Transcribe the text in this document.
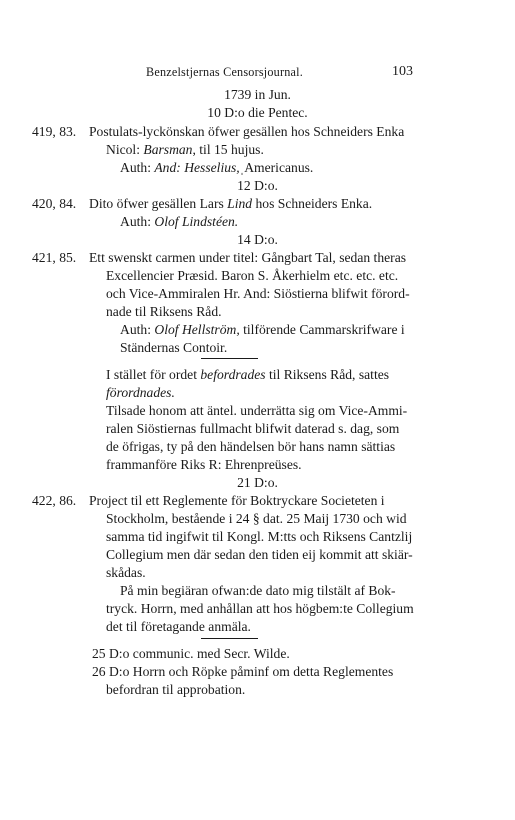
Benzelstjernas Censorsjournal.	103
1739 in Jun.
10 D:o die Pentec.
419, 83. Postulats-lyckönskan öfwer gesällen hos Schneiders Enka
Nicol: Barsman, til 15 hujus.
Auth: And: Hesselius,ˌAmericanus.
12 D:o.
420, 84. Dito öfwer gesällen Lars Lind hos Schneiders Enka.
Auth: Olof Lindstéen.
14 D:o.
421, 85. Ett swenskt carmen under titel: Gångbart Tal, sedan theras
Excellencier Præsid. Baron S. Åkerhielm etc. etc. etc.
och Vice-Ammiralen Hr. And: Siöstierna blifwit förord-
nade til Riksens Råd.
Auth: Olof Hellström, tilförende Cammarskrifware i
Ständernas Contoir.
I stället för ordet befordrades til Riksens Råd, sattes
förordnades.
Tilsade honom att äntel. underrätta sig om Vice-Ammi-
ralen Siöstiernas fullmacht blifwit daterad s. dag, som
de öfrigas, ty på den händelsen bör hans namn sättias
frammanföre Riks R: Ehrenpreüses.
21 D:o.
422, 86. Project til ett Reglemente för Boktryckare Societeten i
Stockholm, bestående i 24 § dat. 25 Maij 1730 och wid
samma tid ingifwit til Kongl. M:tts och Riksens Cantzlij
Collegium men där sedan den tiden eij kommit att skiär-
skådas.
På min begiäran ofwan:de dato mig tilstält af Bok-
tryck. Horrn, med anhållan att hos högbem:te Collegium
det til företagande anmäla.
25 D:o communic. med Secr. Wilde.
26 D:o Horrn och Röpke påminf om detta Reglementes
befordran til approbation.
